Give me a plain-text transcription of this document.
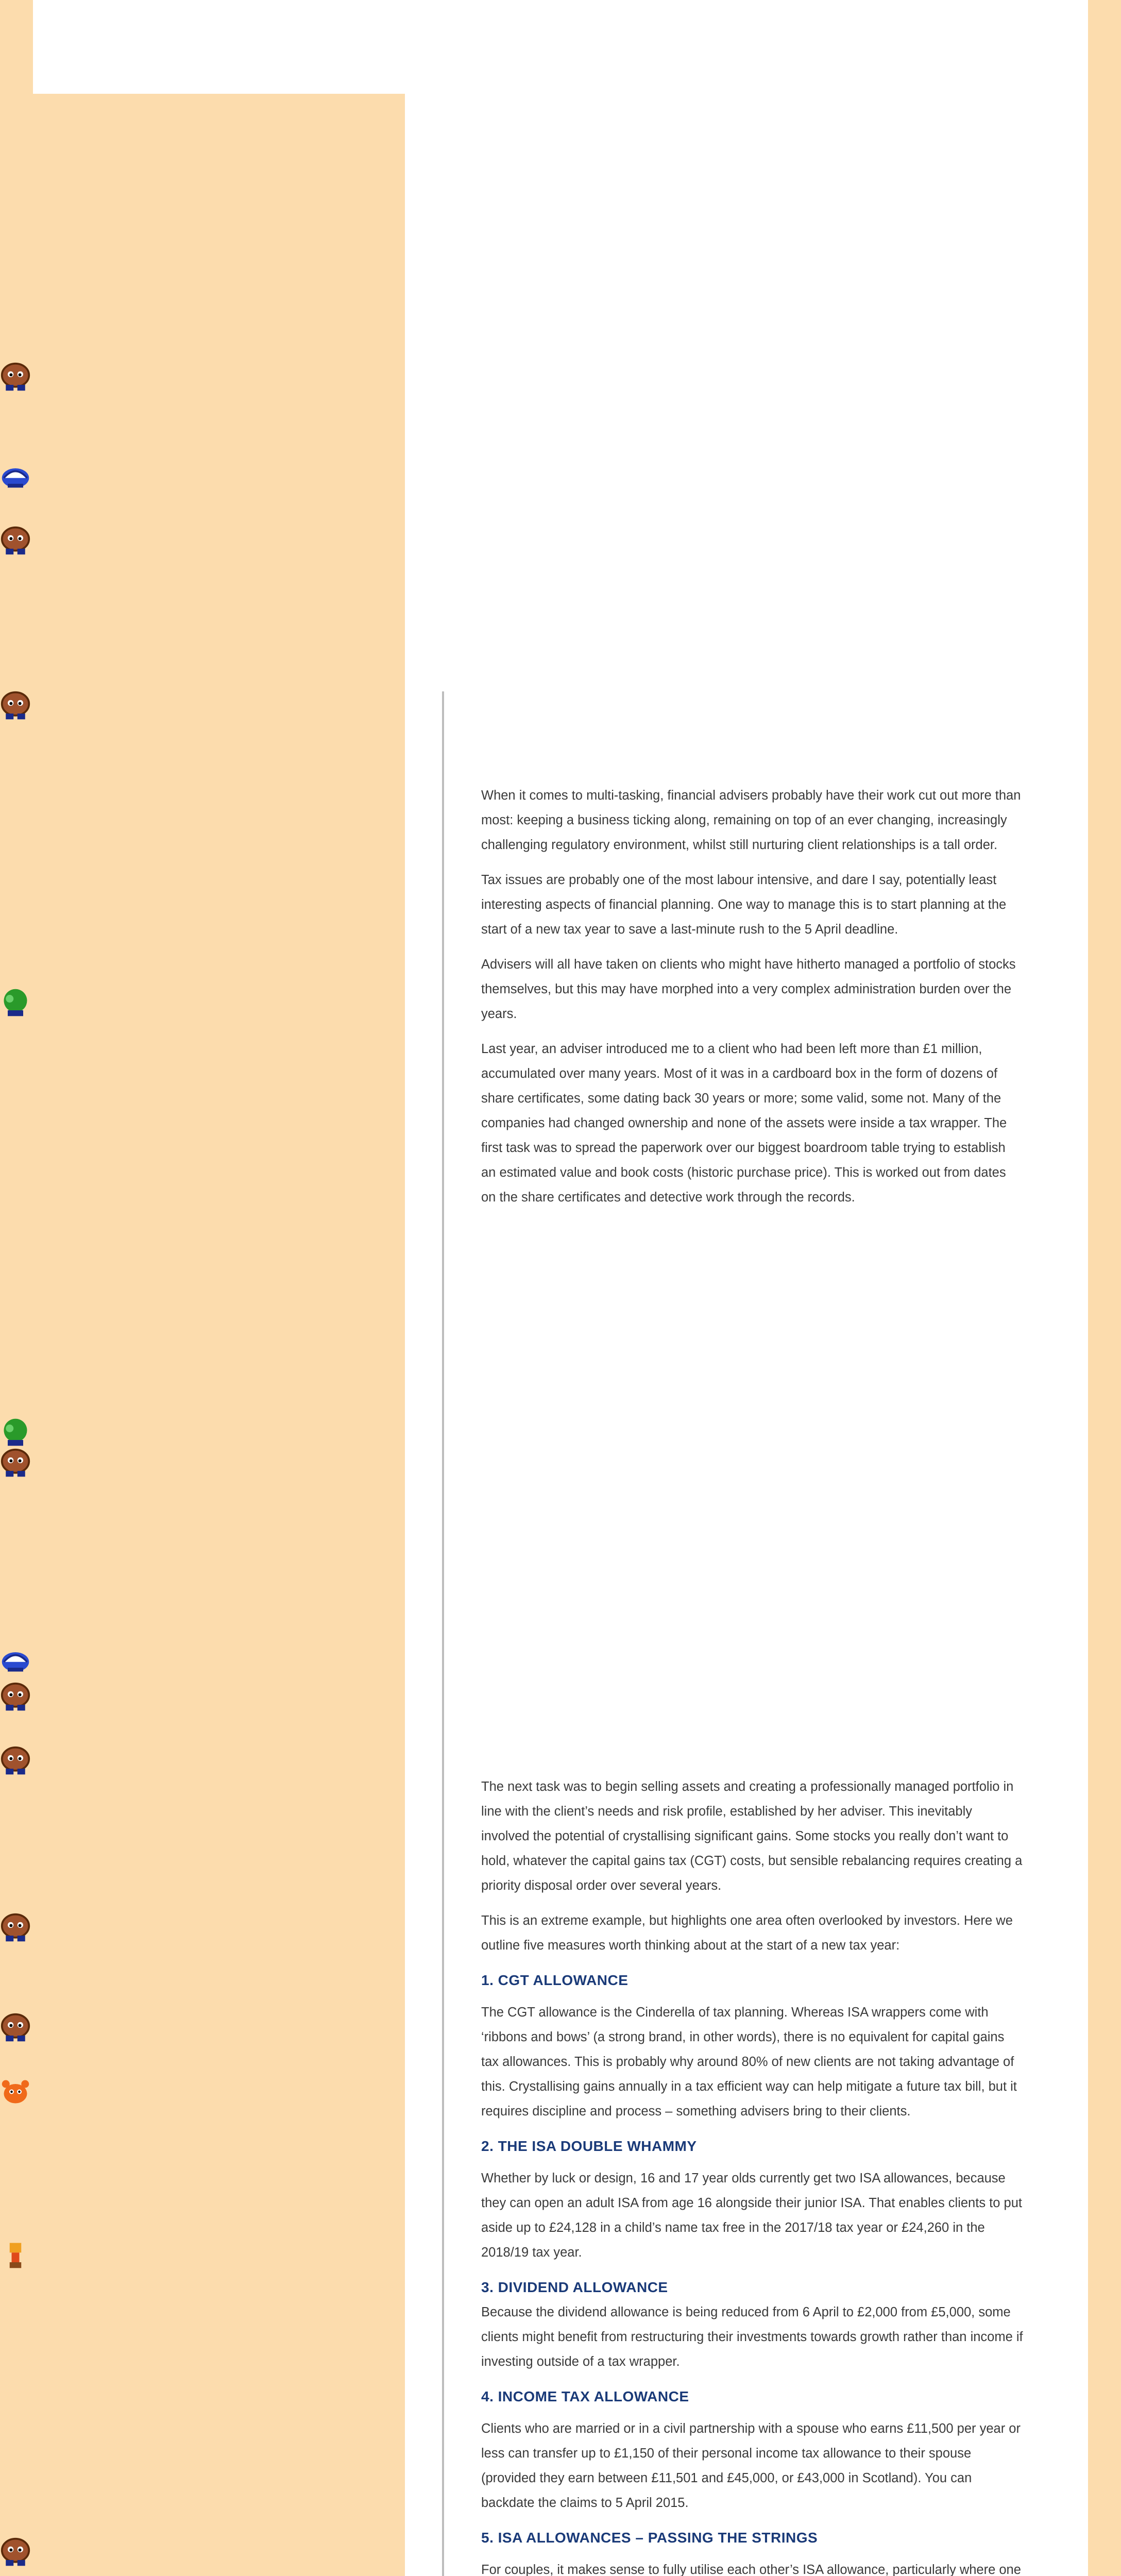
When it comes to multi-tasking, financial advisers probably have their work cut out more than most: keeping a business ticking along, remaining on top of an ever changing, increasingly challenging regulatory environment, whilst still nurturing client relationships is a tall order.

Tax issues are probably one of the most labour intensive, and dare I say, potentially least interesting aspects of financial planning. One way to manage this is to start planning at the start of a new tax year to save a last-minute rush to the 5 April deadline.

Advisers will all have taken on clients who might have hitherto managed a portfolio of stocks themselves, but this may have morphed into a very complex administration burden over the years.

Last year, an adviser introduced me to a client who had been left more than £1 million, accumulated over many years. Most of it was in a cardboard box in the form of dozens of share certificates, some dating back 30 years or more; some valid, some not. Many of the companies had changed ownership and none of the assets were inside a tax wrapper. The first task was to spread the paperwork over our biggest boardroom table trying to establish an estimated value and book costs (historic purchase price). This is worked out from dates on the share certificates and detective work through the records.

The next task was to begin selling assets and creating a professionally managed portfolio in line with the client’s needs and risk profile, established by her adviser. This inevitably involved the potential of crystallising significant gains. Some stocks you really don’t want to hold, whatever the capital gains tax (CGT) costs, but sensible rebalancing requires creating a priority disposal order over several years.

This is an extreme example, but highlights one area often overlooked by investors. Here we outline five measures worth thinking about at the start of a new tax year:

1. CGT ALLOWANCE

The CGT allowance is the Cinderella of tax planning. Whereas ISA wrappers come with ‘ribbons and bows’ (a strong brand, in other words), there is no equivalent for capital gains tax allowances. This is probably why around 80% of new clients are not taking advantage of this. Crystallising gains annually in a tax efficient way can help mitigate a future tax bill, but it requires discipline and process – something advisers bring to their clients.

2. THE ISA DOUBLE WHAMMY

Whether by luck or design, 16 and 17 year olds currently get two ISA allowances, because they can open an adult ISA from age 16 alongside their junior ISA. That enables clients to put aside up to £24,128 in a child’s name tax free in the 2017/18 tax year or £24,260 in the 2018/19 tax year.

3. DIVIDEND ALLOWANCE

Because the dividend allowance is being reduced from 6 April to £2,000 from £5,000, some clients might benefit from restructuring their investments towards growth rather than income if investing outside of a tax wrapper.

4. INCOME TAX ALLOWANCE

Clients who are married or in a civil partnership with a spouse who earns £11,500 per year or less can transfer up to £1,150 of their personal income tax allowance to their spouse (provided they earn between £11,501 and £45,000, or £43,000 in Scotland). You can backdate the claims to 5 April 2015.

5. ISA ALLOWANCES – PASSING THE STRINGS

For couples, it makes sense to fully utilise each other’s ISA allowance, particularly where one
